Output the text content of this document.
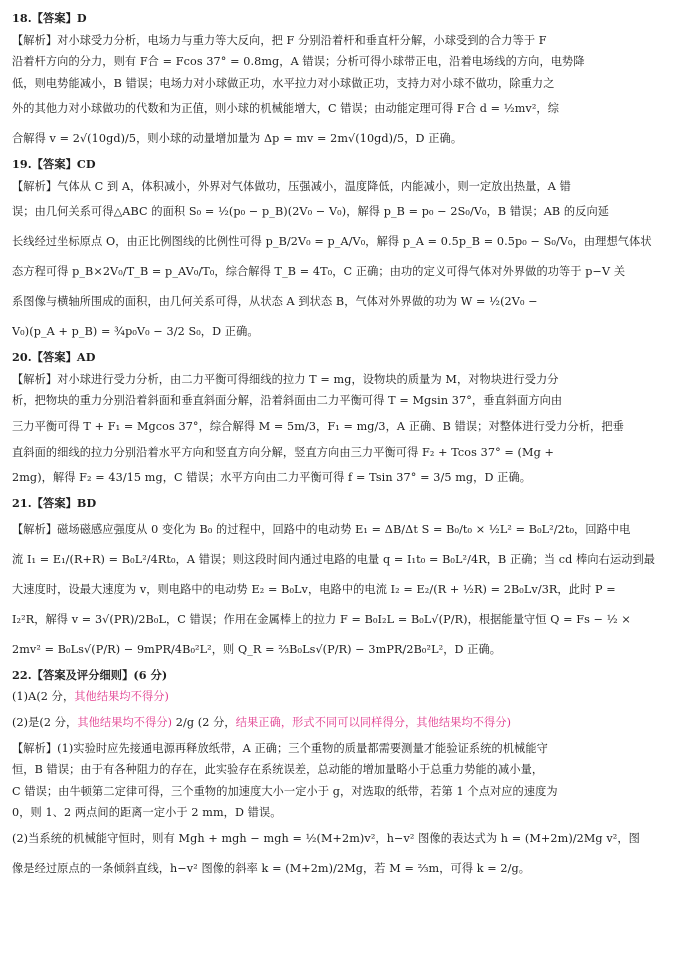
18.【答案】D
【解析】对小球受力分析，电场力与重力等大反向，把 F 分别沿着杆和垂直杆分解，小球受到的合力等于 F
沿着杆方向的分力，则有 F合 = Fcos 37° = 0.8mg，A 错误；分析可得小球带正电，沿着电场线的方向，电势降
低，则电势能减小，B 错误；电场力对小球做正功，水平拉力对小球做正功，支持力对小球不做功，除重力之
外的其他力对小球做功的代数和为正值，则小球的机械能增大，C 错误；由动能定理可得 F合 d = ½mv²，综
合解得 v = 2√(10gd)/5，则小球的动量增加量为 Δp = mv = 2m√(10gd)/5，D 正确。
19.【答案】CD
【解析】气体从 C 到 A，体积减小，外界对气体做功，压强减小，温度降低，内能减小，则一定放出热量，A 错
误；由几何关系可得△ABC 的面积 S₀ = ½(p₀ − p_B)(2V₀ − V₀)，解得 p_B = p₀ − 2S₀/V₀，B 错误；AB 的反向延
长线经过坐标原点 O，由正比例图线的比例性可得 p_B/2V₀ = p_A/V₀，解得 p_A = 0.5p_B = 0.5p₀ − S₀/V₀，由理想气体状
态方程可得 p_B×2V₀/T_B = p_AV₀/T₀，综合解得 T_B = 4T₀，C 正确；由功的定义可得气体对外界做的功等于 p−V 关
系图像与横轴所围成的面积，由几何关系可得，从状态 A 到状态 B，气体对外界做的功为 W = ½(2V₀ −
V₀)(p_A + p_B) = ¾p₀V₀ − 3/2 S₀，D 正确。
20.【答案】AD
【解析】对小球进行受力分析，由二力平衡可得细线的拉力 T = mg，设物块的质量为 M，对物块进行受力分
析，把物块的重力分别沿着斜面和垂直斜面分解，沿着斜面由二力平衡可得 T = Mgsin 37°，垂直斜面方向由
三力平衡可得 T + F₁ = Mgcos 37°，综合解得 M = 5m/3，F₁ = mg/3，A 正确、B 错误；对整体进行受力分析，把垂
直斜面的细线的拉力分别沿着水平方向和竖直方向分解，竖直方向由三力平衡可得 F₂ + Tcos 37° = (Mg +
2mg)，解得 F₂ = 43/15 mg，C 错误；水平方向由二力平衡可得 f = Tsin 37° = 3/5 mg，D 正确。
21.【答案】BD
【解析】磁场磁感应强度从 0 变化为 B₀ 的过程中，回路中的电动势 E₁ = ΔB/Δt S = B₀/t₀ × ½L² = B₀L²/2t₀，回路中电
流 I₁ = E₁/(R+R) = B₀L²/4Rt₀，A 错误；则这段时间内通过电路的电量 q = I₁t₀ = B₀L²/4R，B 正确；当 cd 棒向右运动到最
大速度时，设最大速度为 v，则电路中的电动势 E₂ = B₀Lv，电路中的电流 I₂ = E₂/(R + ½R) = 2B₀Lv/3R，此时 P =
I₂²R，解得 v = 3√(PR)/2B₀L，C 错误；作用在金属棒上的拉力 F = B₀I₂L = B₀L√(P/R)，根据能量守恒 Q = Fs − ½ ×
2mv² = B₀Ls√(P/R) − 9mPR/4B₀²L²，则 Q_R = ⅔B₀Ls√(P/R) − 3mPR/2B₀²L²，D 正确。
22.【答案及评分细则】(6 分)
(1)A(2 分，其他结果均不得分)
(2)是(2 分，其他结果均不得分) 2/g (2 分，结果正确，形式不同可以同样得分，其他结果均不得分)
【解析】(1)实验时应先接通电源再释放纸带，A 正确；三个重物的质量都需要测量才能验证系统的机械能守
恒，B 错误；由于有各种阻力的存在，此实验存在系统误差，总动能的增加量略小于总重力势能的减小量，
C 错误；由牛顿第二定律可得，三个重物的加速度大小一定小于 g，对选取的纸带，若第 1 个点对应的速度为
0，则 1、2 两点间的距离一定小于 2 mm，D 错误。
(2)当系统的机械能守恒时，则有 Mgh + mgh − mgh = ½(M+2m)v²，h−v² 图像的表达式为 h = (M+2m)/2Mg v²，图
像是经过原点的一条倾斜直线，h−v² 图像的斜率 k = (M+2m)/2Mg，若 M = ⅔m，可得 k = 2/g。
